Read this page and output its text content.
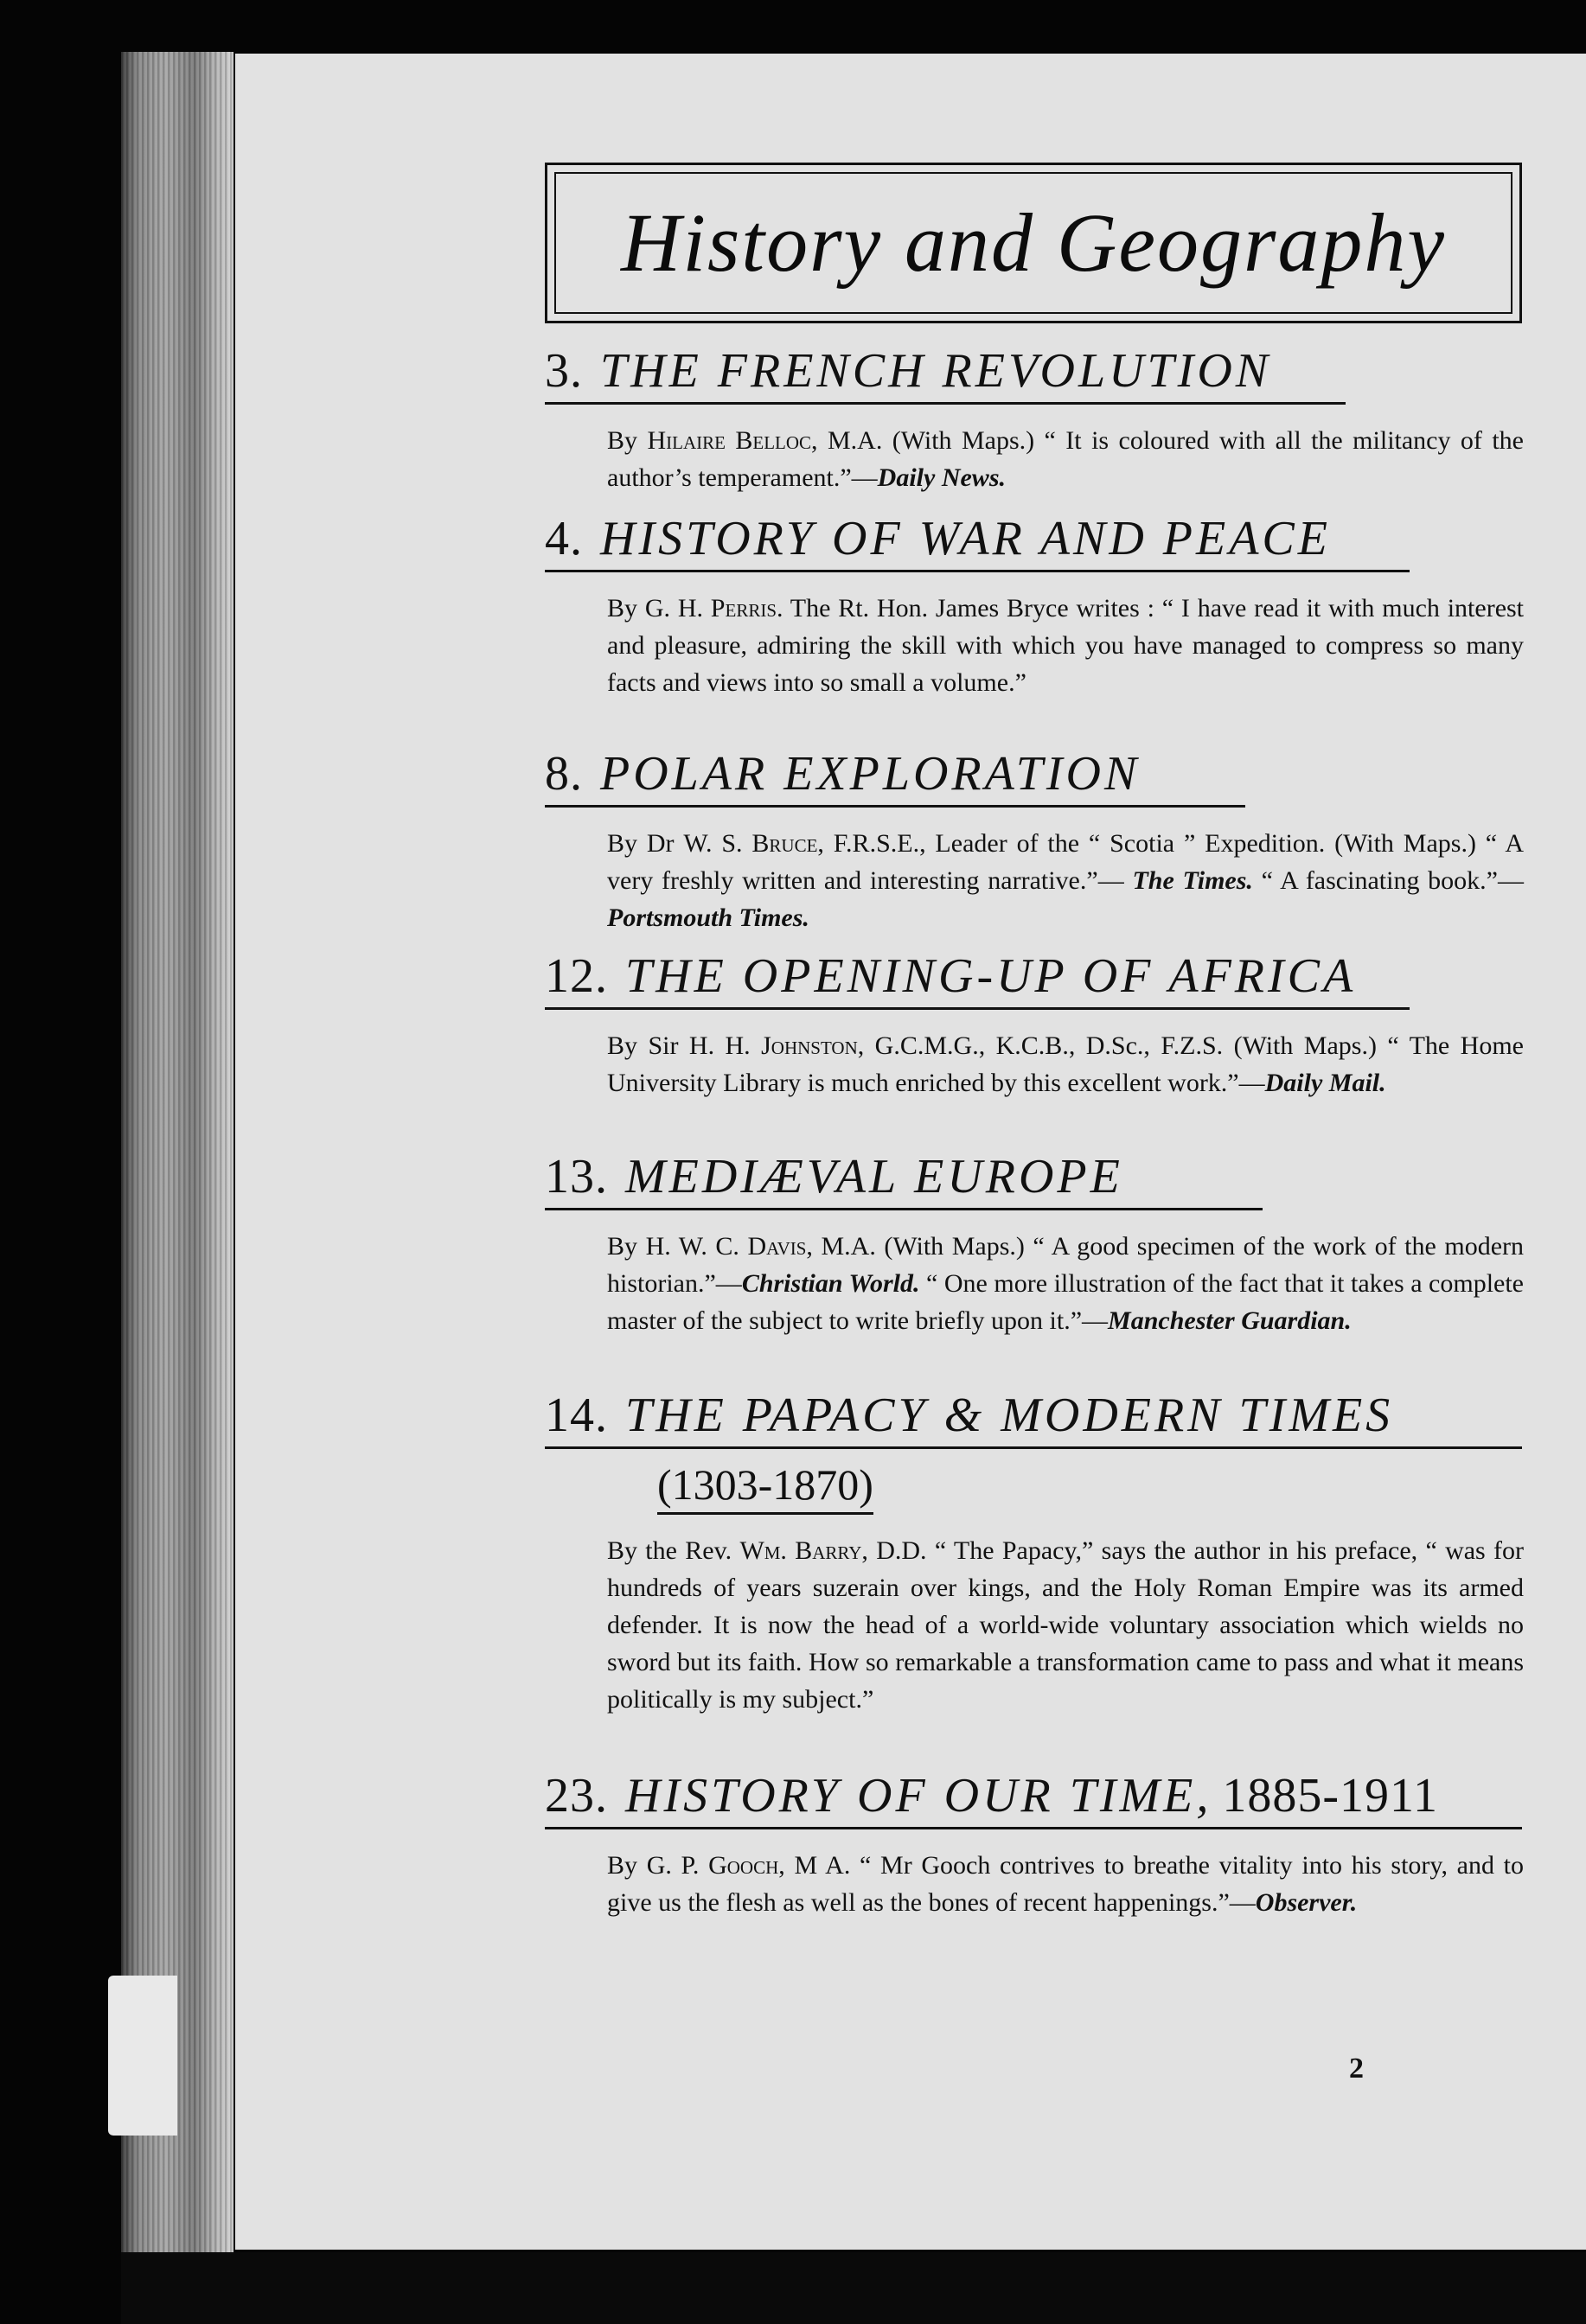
History and Geography
3. THE FRENCH REVOLUTION
By Hilaire Belloc, M.A. (With Maps.) “ It is coloured with all the militancy of the author’s temperament.”—Daily News.
4. HISTORY OF WAR AND PEACE
By G. H. Perris. The Rt. Hon. James Bryce writes : “ I have read it with much interest and pleasure, admiring the skill with which you have managed to compress so many facts and views into so small a volume.”
8. POLAR EXPLORATION
By Dr W. S. Bruce, F.R.S.E., Leader of the “ Scotia ” Expedition. (With Maps.) “ A very freshly written and interesting narrative.”— The Times. “ A fascinating book.”—Portsmouth Times.
12. THE OPENING-UP OF AFRICA
By Sir H. H. Johnston, G.C.M.G., K.C.B., D.Sc., F.Z.S. (With Maps.) “ The Home University Library is much enriched by this excellent work.”—Daily Mail.
13. MEDIÆVAL EUROPE
By H. W. C. Davis, M.A. (With Maps.) “ A good specimen of the work of the modern historian.”—Christian World. “ One more illustration of the fact that it takes a complete master of the subject to write briefly upon it.”—Manchester Guardian.
14. THE PAPACY & MODERN TIMES
(1303-1870)
By the Rev. Wm. Barry, D.D. “ The Papacy,” says the author in his preface, “ was for hundreds of years suzerain over kings, and the Holy Roman Empire was its armed defender. It is now the head of a world-wide voluntary association which wields no sword but its faith. How so remarkable a transformation came to pass and what it means politically is my subject.”
23. HISTORY OF OUR TIME, 1885-1911
By G. P. Gooch, M A. “ Mr Gooch contrives to breathe vitality into his story, and to give us the flesh as well as the bones of recent happenings.”—Observer.
2
